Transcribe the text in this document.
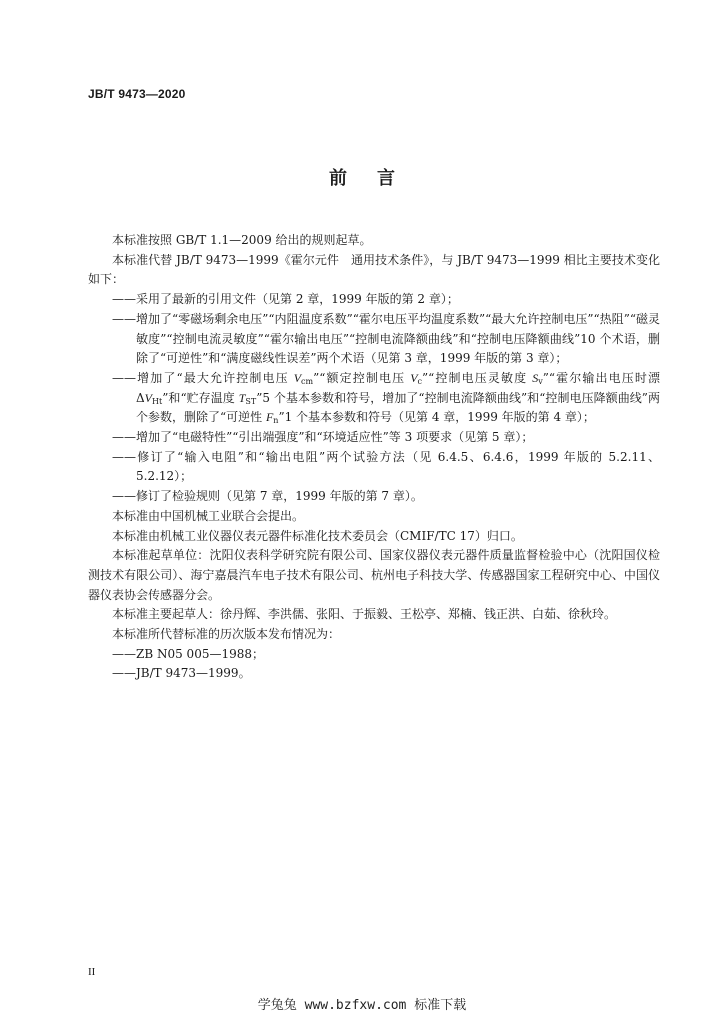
JB/T 9473—2020
前 言
本标准按照 GB/T 1.1—2009 给出的规则起草。
本标准代替 JB/T 9473—1999《霍尔元件　通用技术条件》，与 JB/T 9473—1999 相比主要技术变化如下：
——采用了最新的引用文件（见第 2 章，1999 年版的第 2 章）；
——增加了“零磁场剩余电压”“内阻温度系数”“霍尔电压平均温度系数”“最大允许控制电压”“热阻”“磁灵敏度”“控制电流灵敏度”“霍尔输出电压”“控制电流降额曲线”和“控制电压降额曲线”10 个术语，删除了“可逆性”和“满度磁线性误差”两个术语（见第 3 章，1999 年版的第 3 章）；
——增加了“最大允许控制电压 $V_{cm}”“$额定控制电压 $V_c”“$控制电压灵敏度 $S_v”“$霍尔输出电压时漂 $\Delta V_{Ht}$”和“贮存温度 $T_{ST}”5$ 个基本参数和符号，增加了“控制电流降额曲线”和“控制电压降额曲线”两个参数，删除了“可逆性 $F_n”1$ 个基本参数和符号（见第 4 章，1999 年版的第 4 章）；
——增加了“电磁特性”“引出端强度”和“环境适应性”等 3 项要求（见第 5 章）；
——修订了“输入电阻”和“输出电阻”两个试验方法（见 6.4.5、6.4.6，1999 年版的 5.2.11、5.2.12）；
——修订了检验规则（见第 7 章，1999 年版的第 7 章）。
本标准由中国机械工业联合会提出。
本标准由机械工业仪器仪表元器件标准化技术委员会（CMIF/TC 17）归口。
本标准起草单位：沈阳仪表科学研究院有限公司、国家仪器仪表元器件质量监督检验中心（沈阳国仪检测技术有限公司）、海宁嘉晨汽车电子技术有限公司、杭州电子科技大学、传感器国家工程研究中心、中国仪器仪表协会传感器分会。
本标准主要起草人：徐丹辉、李洪儒、张阳、于振毅、王松亭、郑楠、钱正洪、白茹、徐秋玲。
本标准所代替标准的历次版本发布情况为：
——ZB N05 005—1988；
——JB/T 9473—1999。
II
学兔兔 www.bzfxw.com 标准下载
